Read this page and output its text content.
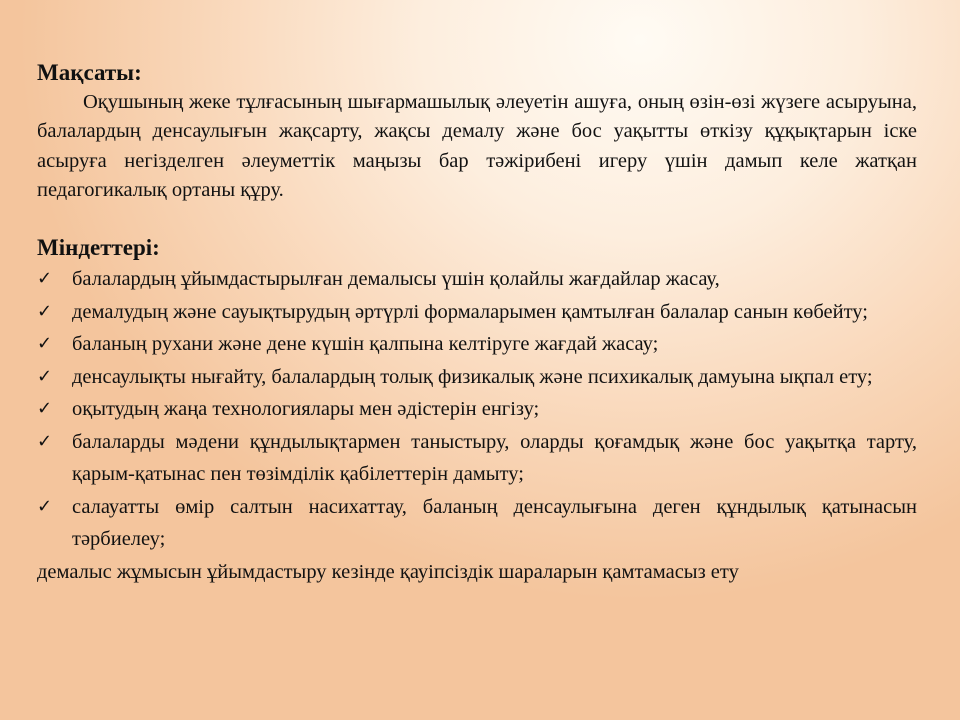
Мақсаты:

Оқушының жеке тұлғасының шығармашылық әлеуетін ашуға, оның өзін-өзі жүзеге асыруына, балалардың денсаулығын жақсарту, жақсы демалу және бос уақытты өткізу құқықтарын іске асыруға негізделген әлеуметтік маңызы бар тәжірибені игеру үшін дамып келе жатқан педагогикалық ортаны құру.

Міндеттері:
✓ балалардың ұйымдастырылған демалысы үшін қолайлы жағдайлар жасау,
✓ демалудың және сауықтырудың әртүрлі формаларымен қамтылған балалар санын көбейту;
✓ баланың рухани және дене күшін қалпына келтіруге жағдай жасау;
✓ денсаулықты нығайту, балалардың толық физикалық және психикалық дамуына ықпал ету;
✓ оқытудың жаңа технологиялары мен әдістерін енгізу;
✓ балаларды мәдени құндылықтармен таныстыру, оларды қоғамдық және бос уақытқа тарту, қарым-қатынас пен төзімділік қабілеттерін дамыту;
✓ салауатты өмір салтын насихаттау, баланың денсаулығына деген құндылық қатынасын тәрбиелеу;

демалыс жұмысын ұйымдастыру кезінде қауіпсіздік шараларын қамтамасыз ету
